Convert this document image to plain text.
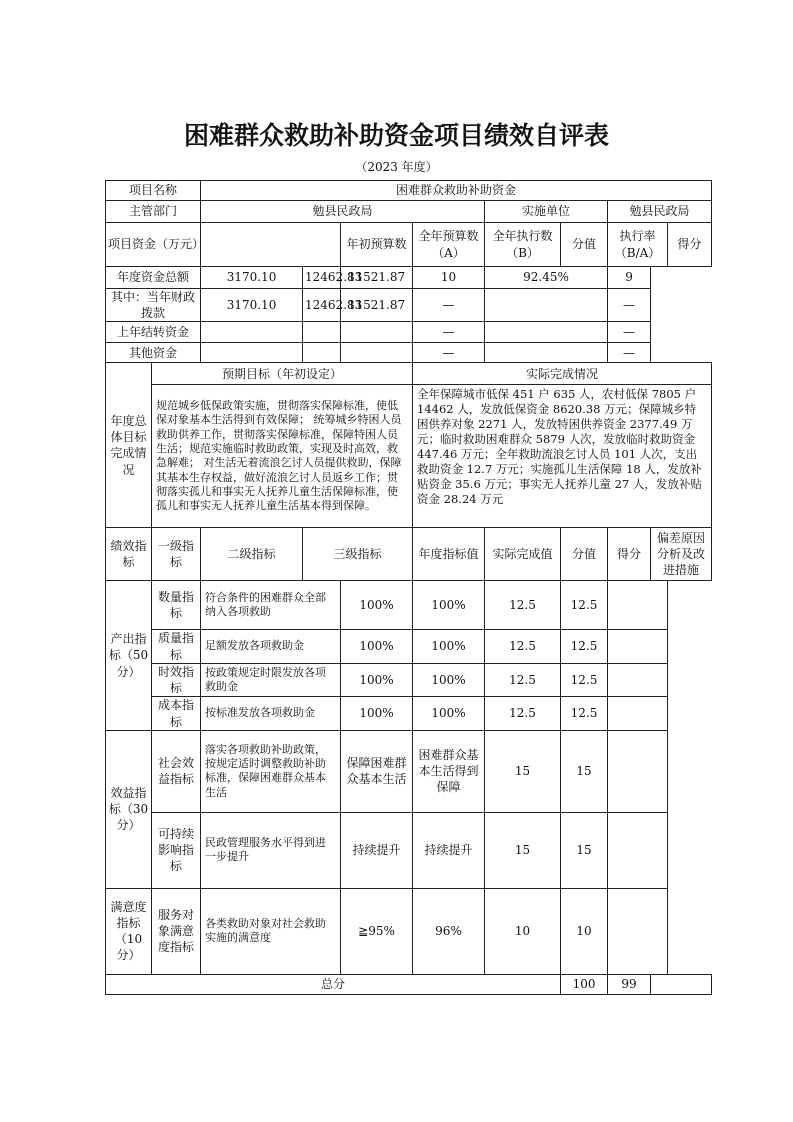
困难群众救助补助资金项目绩效自评表
（2023 年度）
项目名称		困难群众救助补助资金								
主管部门		勉县民政局				实施单位		勉县民政局		
项目资金（万元）				年初预算数	全年预算数（A）	全年执行数（B）	分值	执行率（B/A）		得分
年度资金总额		3170.10	12462.83	11521.87	10	92.45%		9		
其中：当年财政拨款		3170.10	12462.83	11521.87	—			—		
上年结转资金					—			—		
其他资金					—			—		
年度总体目标完成情况	预期目标（年初设定）				实际完成情况					
	规范城乡低保政策实施，贯彻落实保障标准，使低保对象基本生活得到有效保障； 统筹城乡特困人员救助供养工作，贯彻落实保障标准，保障特困人员生活；规范实施临时救助政策，实现及时高效，救急解难； 对生活无着流浪乞讨人员提供救助，保障其基本生存权益，做好流浪乞讨人员返乡工作；贯彻落实孤儿和事实无人抚养儿童生活保障标准，使孤儿和事实无人抚养儿童生活基本得到保障。				全年保障城市低保 451 户 635 人，农村低保 7805 户 14462 人，发放低保资金 8620.38 万元；保障城乡特困供养对象 2271 人，发放特困供养资金 2377.49 万元；临时救助困难群众 5879 人次，发放临时救助资金 447.46 万元；全年救助流浪乞讨人员 101 人次，支出救助资金 12.7 万元；实施孤儿生活保障 18 人，发放补贴资金 35.6 万元；事实无人抚养儿童 27 人，发放补贴资金 28.24 万元					
绩效指标	一级指标	二级指标	三级指标		年度指标值	实际完成值	分值	得分	偏差原因分析及改进措施	
产出指标（50分）	数量指标	符合条件的困难群众全部纳入各项救助		100%	100%	12.5	12.5			
	质量指标	足额发放各项救助金		100%	100%	12.5	12.5			
	时效指标	按政策规定时限发放各项救助金		100%	100%	12.5	12.5			
	成本指标	按标准发放各项救助金		100%	100%	12.5	12.5			
效益指标（30分）	社会效益指标	落实各项救助补助政策，按规定适时调整救助补助标准，保障困难群众基本生活		保障困难群众基本生活	困难群众基本生活得到保障	15	15			
	可持续影响指标	民政管理服务水平得到进一步提升		持续提升	持续提升	15	15			
满意度指标（10分）	服务对象满意度指标	各类救助对象对社会救助实施的满意度		≧95%	96%	10	10			
总分							100	99		
